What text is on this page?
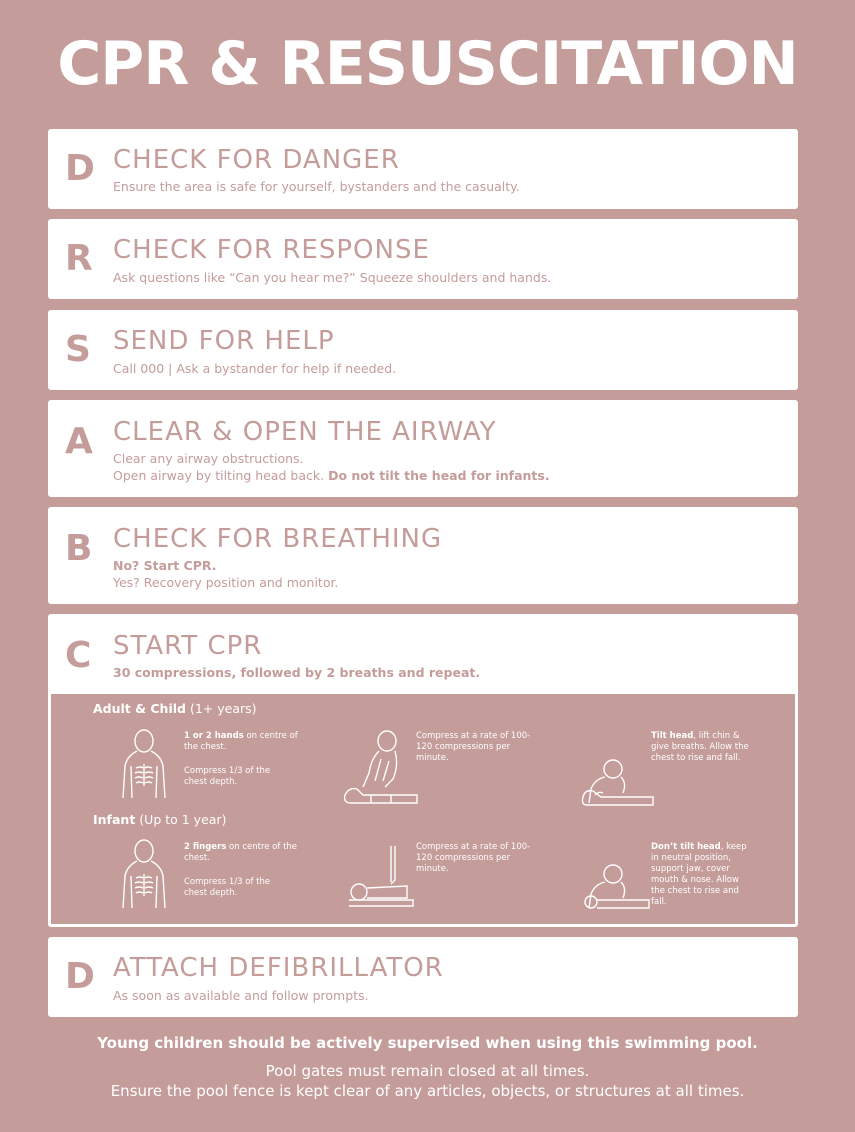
CPR & RESUSCITATION
D CHECK FOR DANGER
Ensure the area is safe for yourself, bystanders and the casualty.
R CHECK FOR RESPONSE
Ask questions like “Can you hear me?” Squeeze shoulders and hands.
S SEND FOR HELP
Call 000 | Ask a bystander for help if needed.
A CLEAR & OPEN THE AIRWAY
Clear any airway obstructions.
Open airway by tilting head back. Do not tilt the head for infants.
B CHECK FOR BREATHING
No? Start CPR.
Yes? Recovery position and monitor.
C START CPR
30 compressions, followed by 2 breaths and repeat.
Adult & Child (1+ years)
1 or 2 hands on centre of the chest.
Compress 1/3 of the chest depth.
Compress at a rate of 100-120 compressions per minute.
Tilt head, lift chin & give breaths. Allow the chest to rise and fall.
Infant (Up to 1 year)
2 fingers on centre of the chest.
Compress 1/3 of the chest depth.
Compress at a rate of 100-120 compressions per minute.
Don’t tilt head, keep in neutral position, support jaw, cover mouth & nose. Allow the chest to rise and fall.
D ATTACH DEFIBRILLATOR
As soon as available and follow prompts.
Young children should be actively supervised when using this swimming pool.
Pool gates must remain closed at all times.
Ensure the pool fence is kept clear of any articles, objects, or structures at all times.
